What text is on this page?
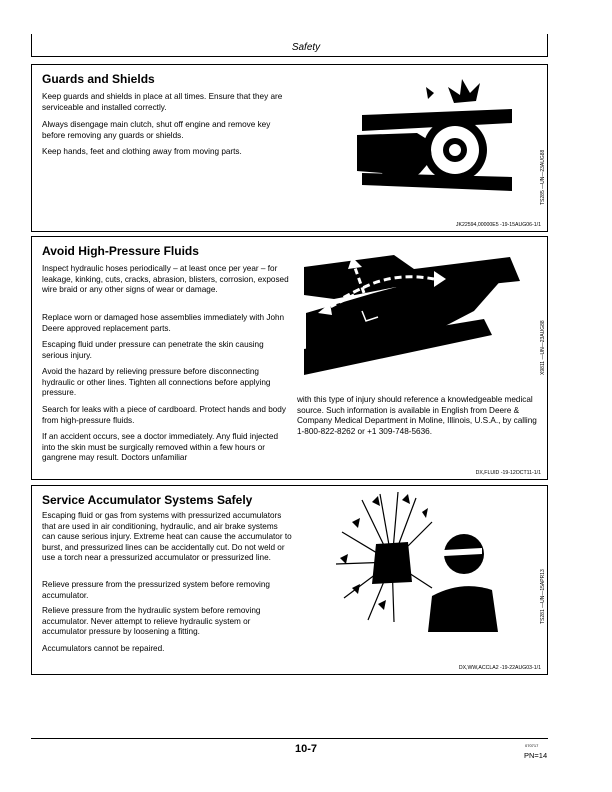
Safety
Guards and Shields

Keep guards and shields in place at all times. Ensure that they are serviceable and installed correctly.

Always disengage main clutch, shut off engine and remove key before removing any guards or shields.

Keep hands, feet and clothing away from moving parts.	TS285 —UN—23AUG88
JK22594,00000E5 -19-15AUG06-1/1
Avoid High-Pressure Fluids

Inspect hydraulic hoses periodically – at least once per year – for leakage, kinking, cuts, cracks, abrasion, blisters, corrosion, exposed wire braid or any other signs of wear or damage.

Replace worn or damaged hose assemblies immediately with John Deere approved replacement parts.

Escaping fluid under pressure can penetrate the skin causing serious injury.

Avoid the hazard by relieving pressure before disconnecting hydraulic or other lines. Tighten all connections before applying pressure.

Search for leaks with a piece of cardboard. Protect hands and body from high-pressure fluids.

If an accident occurs, see a doctor immediately. Any fluid injected into the skin must be surgically removed within a few hours or gangrene may result. Doctors unfamiliar

with this type of injury should reference a knowledgeable medical source. Such information is available in English from Deere & Company Medical Department in Moline, Illinois, U.S.A., by calling 1-800-822-8262 or +1 309-748-5636.

X9811 —UN—23AUG88
DX,FLUID -19-12OCT11-1/1
Service Accumulator Systems Safely

Escaping fluid or gas from systems with pressurized accumulators that are used in air conditioning, hydraulic, and air brake systems can cause serious injury. Extreme heat can cause the accumulator to burst, and pressurized lines can be accidentally cut. Do not weld or use a torch near a pressurized accumulator or pressurized line.

Relieve pressure from the pressurized system before removing accumulator.

Relieve pressure from the hydraulic system before removing accumulator. Never attempt to relieve hydraulic system or accumulator pressure by loosening a fitting.

Accumulators cannot be repaired.

TS281 —UN—15APR13
DX,WW,ACCLA2 -19-22AUG03-1/1
10-7	070717
PN=14
